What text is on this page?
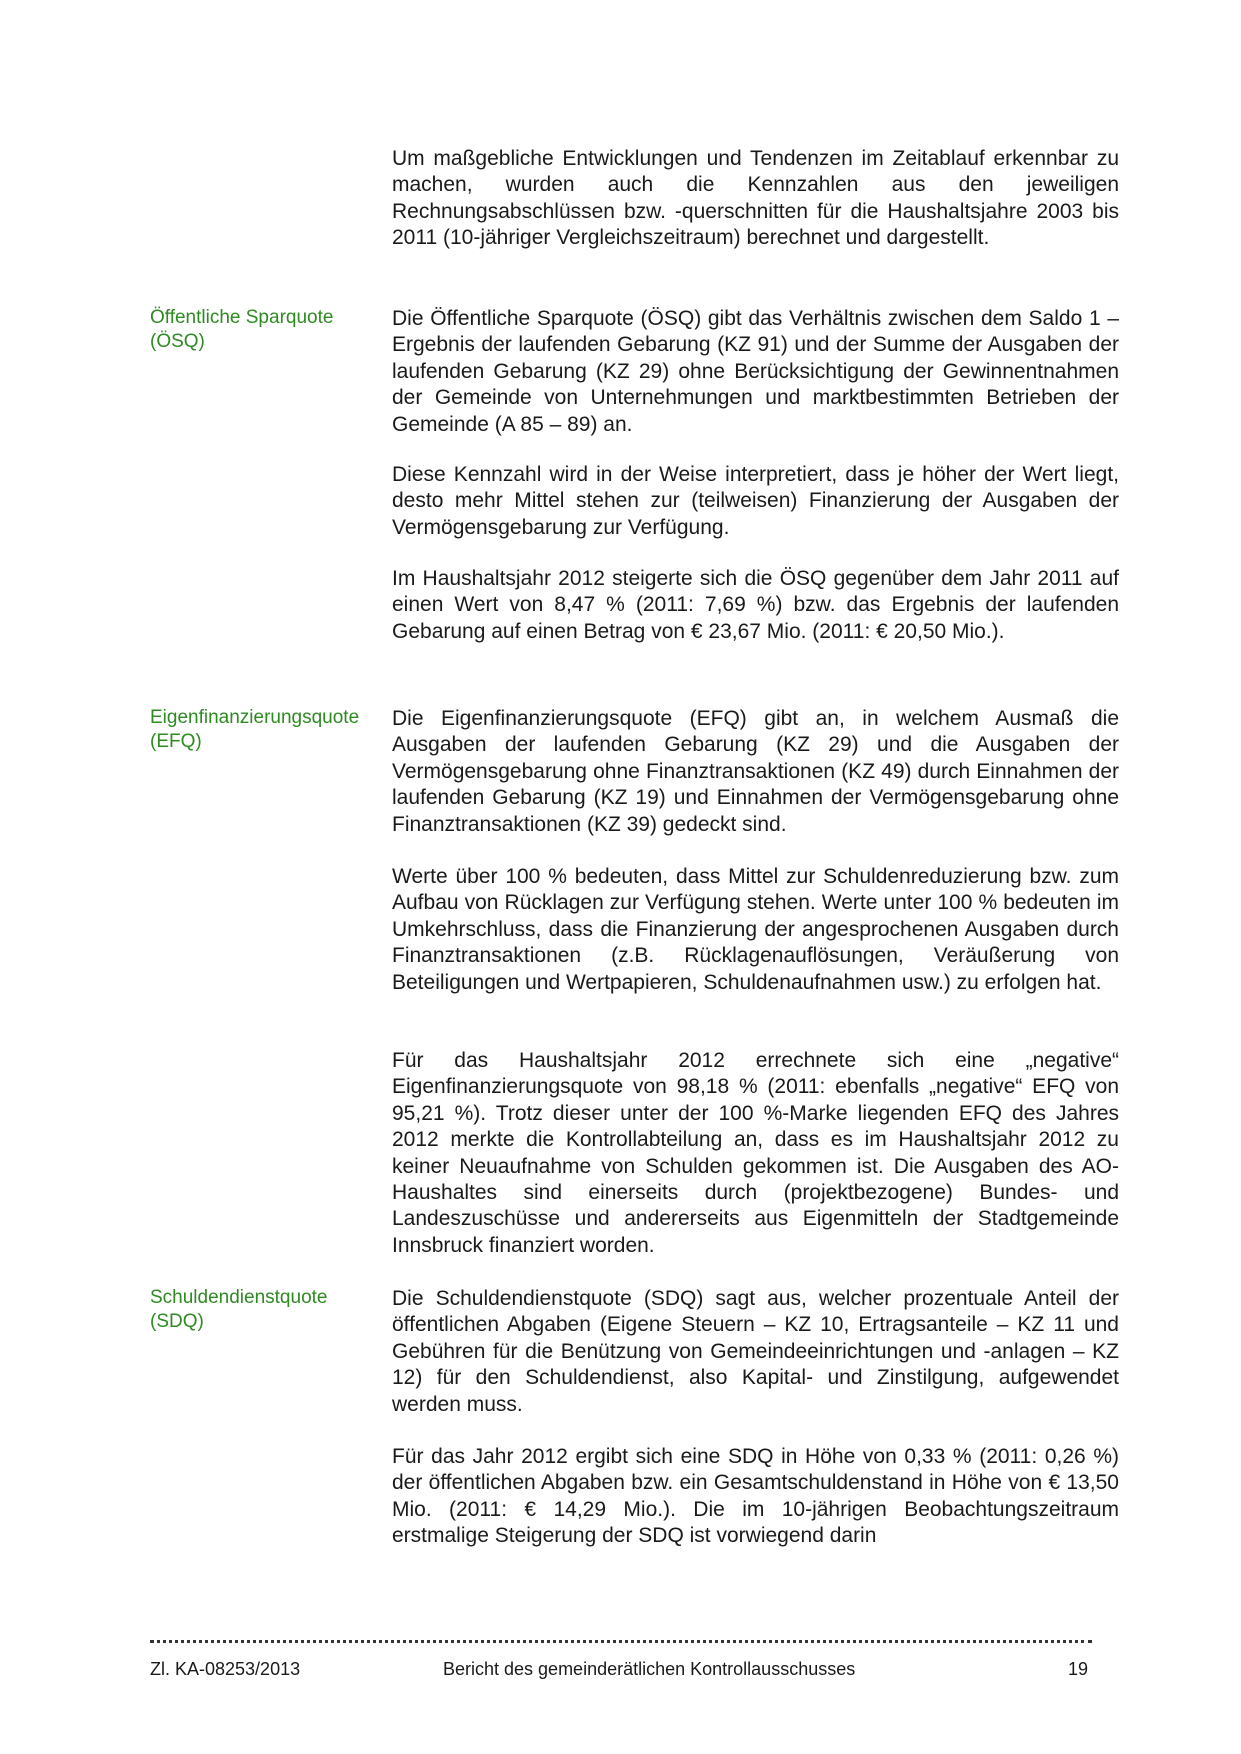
Um maßgebliche Entwicklungen und Tendenzen im Zeitablauf erkennbar zu machen, wurden auch die Kennzahlen aus den jeweiligen Rechnungsabschlüssen bzw. -querschnitten für die Haushaltsjahre 2003 bis 2011 (10-jähriger Vergleichszeitraum) berechnet und dargestellt.

Öffentliche Sparquote (ÖSQ)

Die Öffentliche Sparquote (ÖSQ) gibt das Verhältnis zwischen dem Saldo 1 – Ergebnis der laufenden Gebarung (KZ 91) und der Summe der Ausgaben der laufenden Gebarung (KZ 29) ohne Berücksichtigung der Gewinnentnahmen der Gemeinde von Unternehmungen und marktbestimmten Betrieben der Gemeinde (A 85 – 89) an.

Diese Kennzahl wird in der Weise interpretiert, dass je höher der Wert liegt, desto mehr Mittel stehen zur (teilweisen) Finanzierung der Ausgaben der Vermögensgebarung zur Verfügung.

Im Haushaltsjahr 2012 steigerte sich die ÖSQ gegenüber dem Jahr 2011 auf einen Wert von 8,47 % (2011: 7,69 %) bzw. das Ergebnis der laufenden Gebarung auf einen Betrag von € 23,67 Mio. (2011: € 20,50 Mio.).

Eigenfinanzierungsquote (EFQ)

Die Eigenfinanzierungsquote (EFQ) gibt an, in welchem Ausmaß die Ausgaben der laufenden Gebarung (KZ 29) und die Ausgaben der Vermögensgebarung ohne Finanztransaktionen (KZ 49) durch Einnahmen der laufenden Gebarung (KZ 19) und Einnahmen der Vermögensgebarung ohne Finanztransaktionen (KZ 39) gedeckt sind.

Werte über 100 % bedeuten, dass Mittel zur Schuldenreduzierung bzw. zum Aufbau von Rücklagen zur Verfügung stehen. Werte unter 100 % bedeuten im Umkehrschluss, dass die Finanzierung der angesprochenen Ausgaben durch Finanztransaktionen (z.B. Rücklagenauflösungen, Veräußerung von Beteiligungen und Wertpapieren, Schuldenaufnahmen usw.) zu erfolgen hat.

Für das Haushaltsjahr 2012 errechnete sich eine „negative“ Eigenfinanzierungsquote von 98,18 % (2011: ebenfalls „negative“ EFQ von 95,21 %). Trotz dieser unter der 100 %-Marke liegenden EFQ des Jahres 2012 merkte die Kontrollabteilung an, dass es im Haushaltsjahr 2012 zu keiner Neuaufnahme von Schulden gekommen ist. Die Ausgaben des AO-Haushaltes sind einerseits durch (projektbezogene) Bundes- und Landeszuschüsse und andererseits aus Eigenmitteln der Stadtgemeinde Innsbruck finanziert worden.

Schuldendienstquote (SDQ)

Die Schuldendienstquote (SDQ) sagt aus, welcher prozentuale Anteil der öffentlichen Abgaben (Eigene Steuern – KZ 10, Ertragsanteile – KZ 11 und Gebühren für die Benützung von Gemeindeeinrichtungen und -anlagen – KZ 12) für den Schuldendienst, also Kapital- und Zinstilgung, aufgewendet werden muss.

Für das Jahr 2012 ergibt sich eine SDQ in Höhe von 0,33 % (2011: 0,26 %) der öffentlichen Abgaben bzw. ein Gesamtschuldenstand in Höhe von € 13,50 Mio. (2011: € 14,29 Mio.). Die im 10-jährigen Beobachtungszeitraum erstmalige Steigerung der SDQ ist vorwiegend darin

Zl. KA-08253/2013	Bericht des gemeinderätlichen Kontrollausschusses	19
